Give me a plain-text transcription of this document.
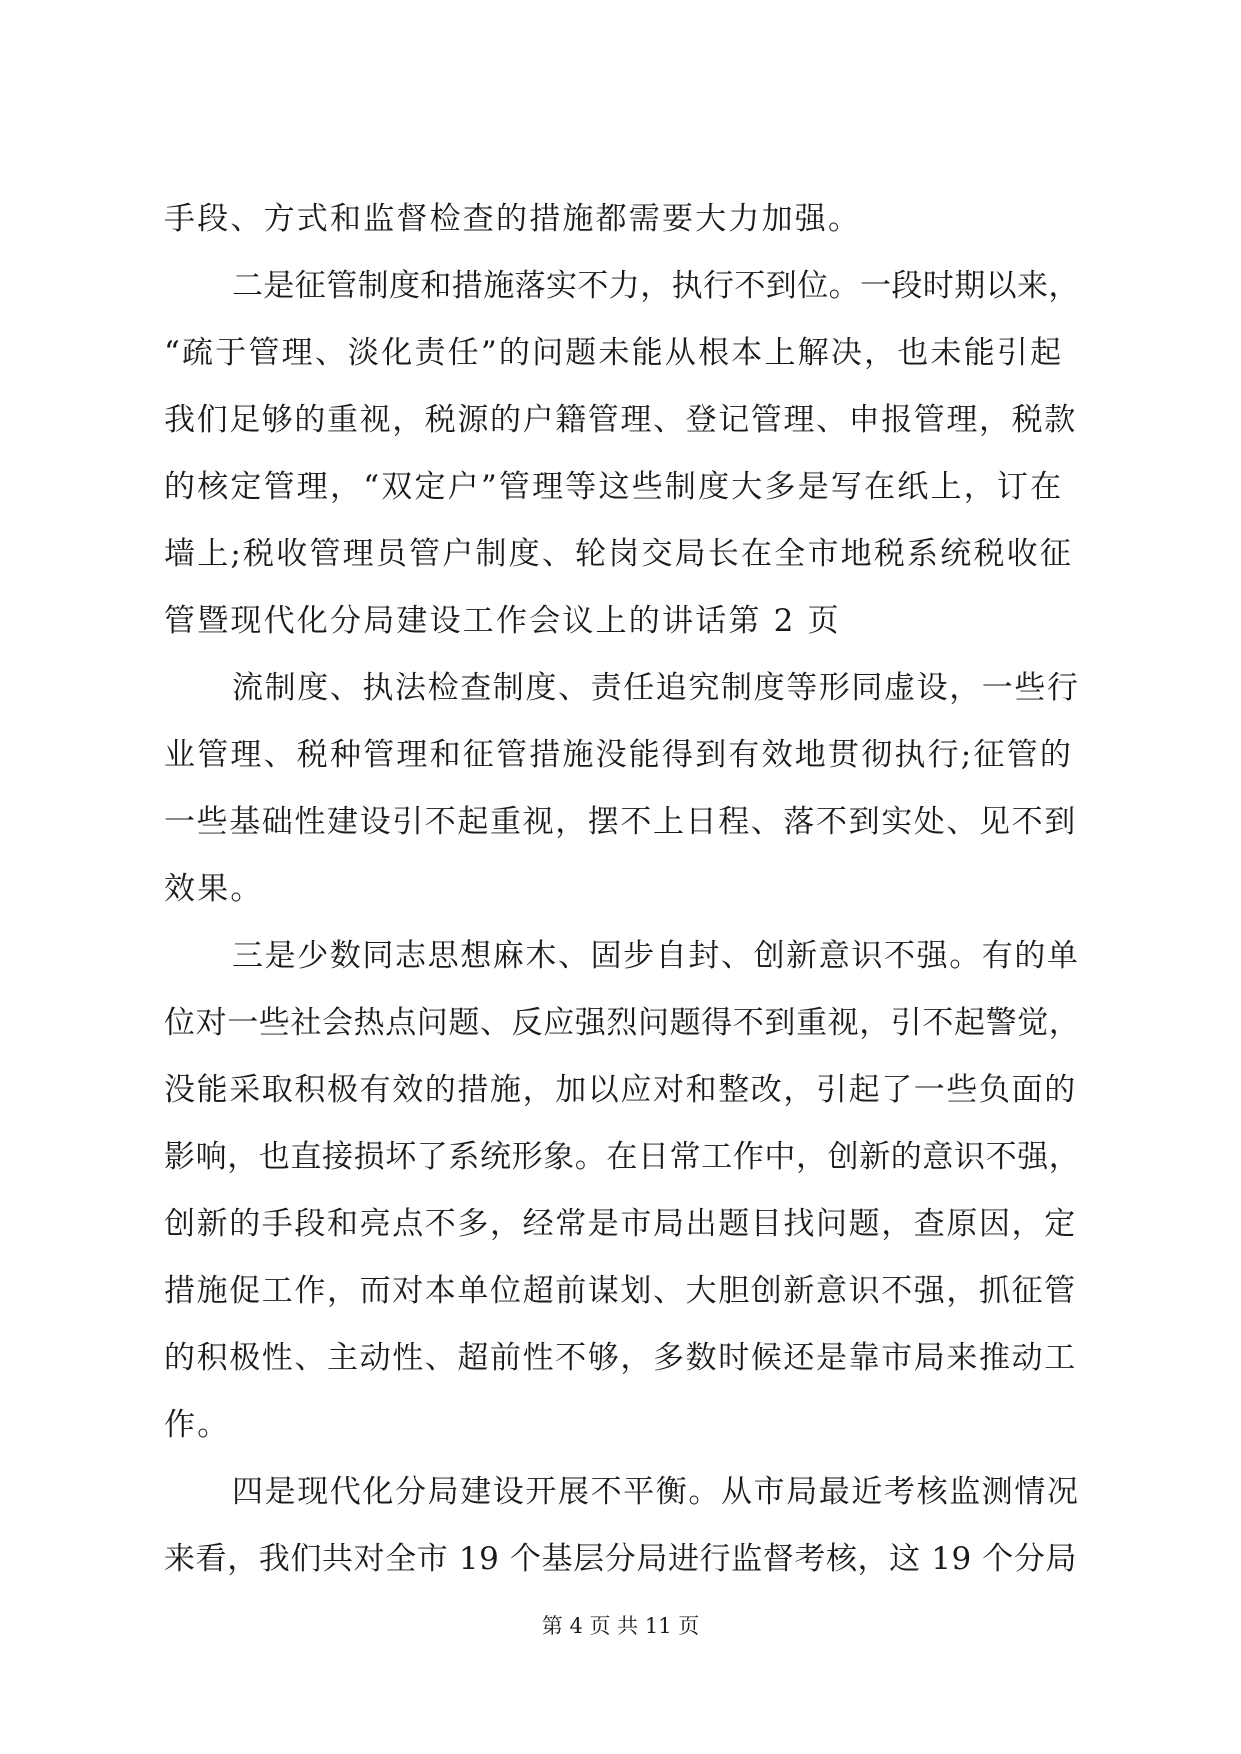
手段、方式和监督检查的措施都需要大力加强。
二是征管制度和措施落实不力，执行不到位。一段时期以来，
“疏于管理、淡化责任”的问题未能从根本上解决，也未能引起
我们足够的重视，税源的户籍管理、登记管理、申报管理，税款
的核定管理，“双定户”管理等这些制度大多是写在纸上，订在
墙上;税收管理员管户制度、轮岗交局长在全市地税系统税收征
管暨现代化分局建设工作会议上的讲话第 2 页
流制度、执法检查制度、责任追究制度等形同虚设，一些行
业管理、税种管理和征管措施没能得到有效地贯彻执行;征管的
一些基础性建设引不起重视，摆不上日程、落不到实处、见不到
效果。
三是少数同志思想麻木、固步自封、创新意识不强。有的单
位对一些社会热点问题、反应强烈问题得不到重视，引不起警觉，
没能采取积极有效的措施，加以应对和整改，引起了一些负面的
影响，也直接损坏了系统形象。在日常工作中，创新的意识不强，
创新的手段和亮点不多，经常是市局出题目找问题，查原因，定
措施促工作，而对本单位超前谋划、大胆创新意识不强，抓征管
的积极性、主动性、超前性不够，多数时候还是靠市局来推动工
作。
四是现代化分局建设开展不平衡。从市局最近考核监测情况
来看，我们共对全市 19 个基层分局进行监督考核，这 19 个分局
第 4 页 共 11 页
